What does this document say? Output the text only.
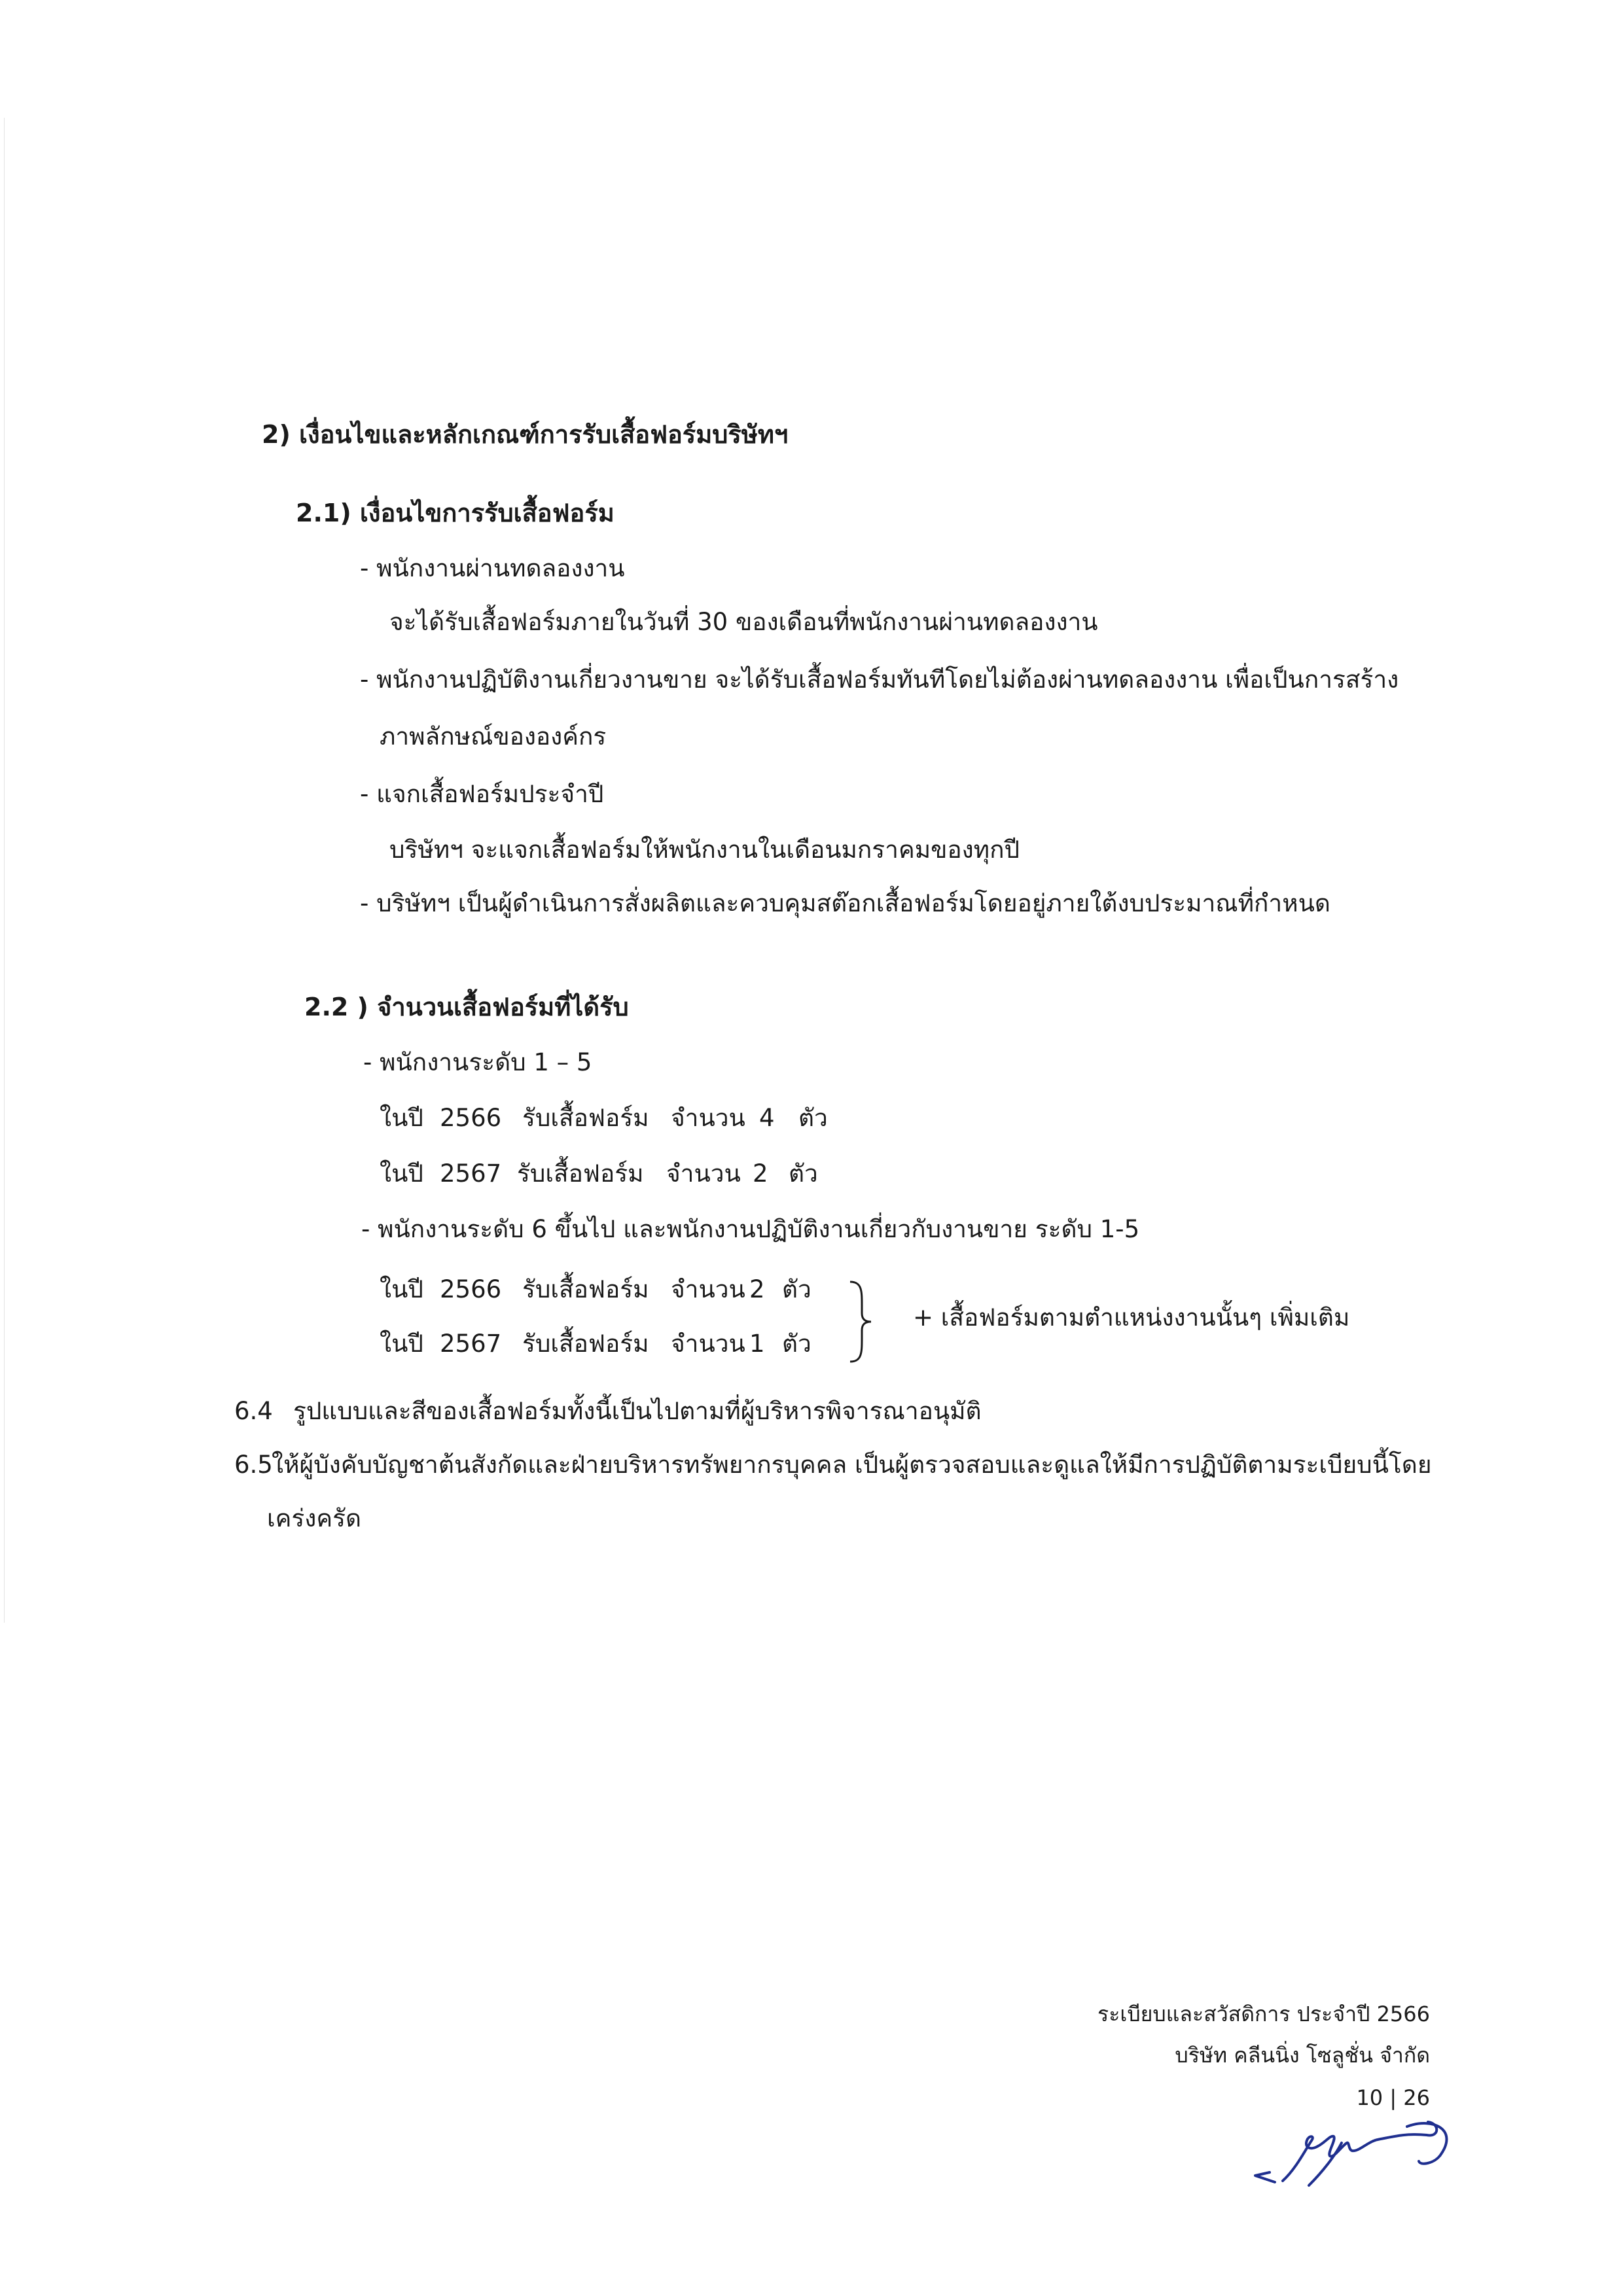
2) เงื่อนไขและหลักเกณฑ์การรับเสื้อฟอร์มบริษัทฯ
2.1) เงื่อนไขการรับเสื้อฟอร์ม
- พนักงานผ่านทดลองงาน
จะได้รับเสื้อฟอร์มภายในวันที่ 30 ของเดือนที่พนักงานผ่านทดลองงาน
- พนักงานปฏิบัติงานเกี่ยวงานขาย จะได้รับเสื้อฟอร์มทันทีโดยไม่ต้องผ่านทดลองงาน เพื่อเป็นการสร้าง
ภาพลักษณ์ขององค์กร
- แจกเสื้อฟอร์มประจำปี
บริษัทฯ จะแจกเสื้อฟอร์มให้พนักงานในเดือนมกราคมของทุกปี
- บริษัทฯ เป็นผู้ดำเนินการสั่งผลิตและควบคุมสต๊อกเสื้อฟอร์มโดยอยู่ภายใต้งบประมาณที่กำหนด
2.2 ) จำนวนเสื้อฟอร์มที่ได้รับ
- พนักงานระดับ 1 – 5
ในปี 2566 รับเสื้อฟอร์ม จำนวน 4 ตัว
ในปี 2567 รับเสื้อฟอร์ม จำนวน 2 ตัว
- พนักงานระดับ 6 ขึ้นไป และพนักงานปฏิบัติงานเกี่ยวกับงานขาย ระดับ 1-5
ในปี 2566 รับเสื้อฟอร์ม จำนวน 2 ตัว
ในปี 2567 รับเสื้อฟอร์ม จำนวน 1 ตัว
+ เสื้อฟอร์มตามตำแหน่งงานนั้นๆ เพิ่มเติม
6.4 รูปแบบและสีของเสื้อฟอร์มทั้งนี้เป็นไปตามที่ผู้บริหารพิจารณาอนุมัติ
6.5
ให้ผู้บังคับบัญชาต้นสังกัดและฝ่ายบริหารทรัพยากรบุคคล เป็นผู้ตรวจสอบและดูแลให้มีการปฏิบัติตามระเบียบนี้โดย
เคร่งครัด
ระเบียบและสวัสดิการ ประจำปี 2566
บริษัท คลีนนิ่ง โซลูชั่น จำกัด
10 | 26
